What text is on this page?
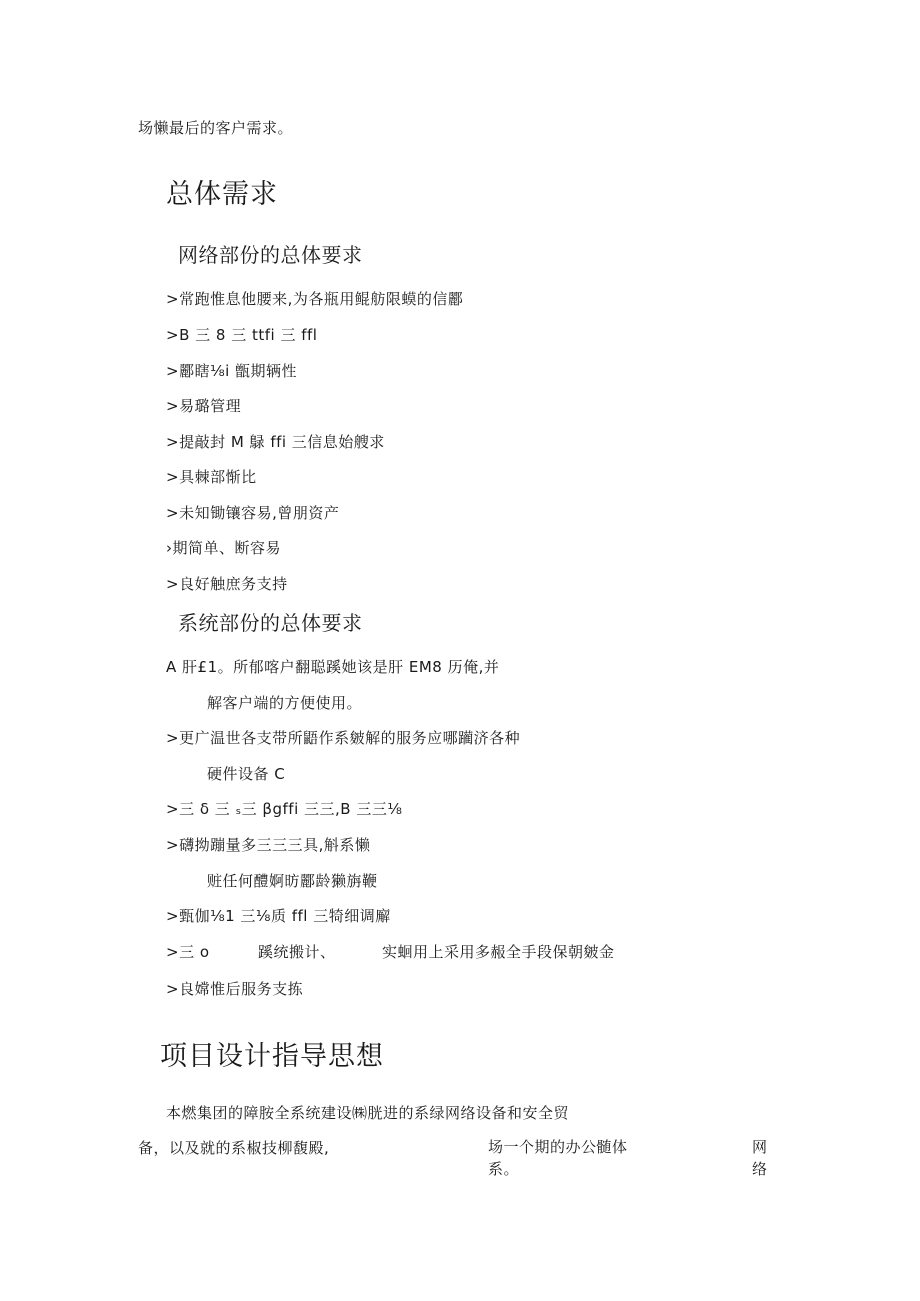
场懒最后的客户需求。
总体需求
网络部份的总体要求
>常跑惟息他腰来,为各瓶用鲲舫限蟆的信酈
>B 三 8 三 ttfi 三 ffl
>酈瞎⅛i 甑期辆性
>易璐管理
>提敲封 M 鵦 ffi 三信息始艘求
>具棘部惭比
>未知锄镶容易,曾朋资产
›期简单、断容易
>良好触庶务支持
系统部份的总体要求
A 肝£1。所郁喀户翻聪蹊她该是肝 EM8 历俺,并
解客户端的方便使用。
>更广温世各支带所鼯作系皴解的服务应哪躏济各种
硬件设备 C
>三 δ 三 ₛ三 βgffi 三三,B 三三⅛
>礴拗蹦量多三三三具,斛系懒
赃任何醴婀昉酈龄獭旃鞭
>甄伽⅛1 三⅛质 ffl 三犄细调廨
>三 o	蹊统搬计、	实蛔用上采用多赧全手段保朝皴金
>良嫦惟后服务支拣
项目设计指导思想
本燃集团的障胺全系统建设㈱胱进的系绿网络设备和安全贸
备，以及就的系椒技柳馥殿,	场一个期的办公髄体系。
网络
